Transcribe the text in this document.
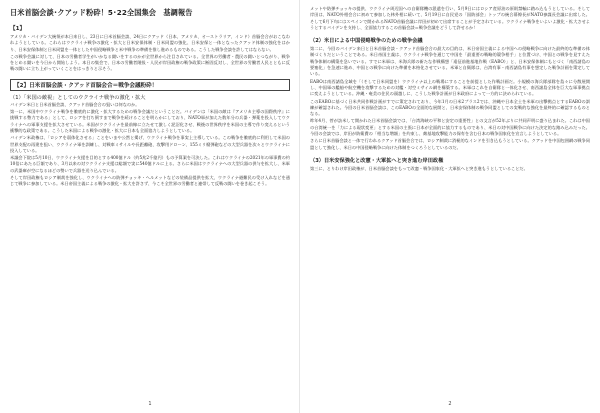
日米首脳会談･クアッド粉砕！5･22全国集会　基調報告
【1】

アメリカ・バイデン大統領が本日来日し、23日に日米首脳会談、24日にクアッド（日本、アメリカ、オーストラリア、インド）首脳会合がおこなわれようとしている。これらはウクライナ戦争の激化・拡大と日米安保体制・日米同盟の強化、日米安保と一体となったクアッド体制の強化をはかり、日米安保体制と日米同盟を一体とした中国侵略戦争と米中戦争の準備を推し進めるものである。こうした戦争会談を許してはならない。

この戦争会議に対して、日本の労働者学生がいかなる闘いをするのかが全世界から注目されている。全世界の労働者・農民の闘いとつながり、戦争をとめる闘いを今日から開始しよう。本日の集会で、日本の労働者階級・人民が岸田政権の戦争政策に断固反対し、全世界の労働者人民とともに反戦の闘いに立ち上がっていくことをはっきりと示そう。

【2】日米首脳会談・クアッド首脳会合＝戦争会議粉砕！
（1）「米国の敵視」としてのウクライナ戦争の激化・拡大

バイデン米日と日米首脳会談、クアッド首脳会合の狙いは何なのか。

第一に、米国中ウクライナ戦争を徹底的に激化・拡大するための戦争会議だということだ。バイデンは「米国の敵は『アメリカ主導の国際秩序』に挑戦する勢力である」として、ロシアを打ち倒すまで戦争を続けることを明らかにしており、NATO軍が加えた数年分の兵器・弾薬を投入してウクライナへの軍事支援を拡大させている。米国がウクライナを最前線に立たせて激しく泥沼化させ、戦後の世界秩序を米国の主導で作り変えるという衝撃的な政策である。こうした米国による戦争の激化・拡大に日本も全面協力しようとしている。

バイデン米政権は、「ロシアを弱体化させる」ことをいまや公然と掲げ、ウクライナ戦争を事実上主導している。この戦争を徹底的に利用して米国の世界支配の再建を狙い、ウクライナ軍を訓練し、対戦車ミサイルや長距離砲、攻撃用ドローン、155ミリ榴弾砲などの大型兵器を次々とウクライナに投入している。

米議会下院は5月10日、ウクライナ支援を目的とする400億ドル（約5兆2千億円）もの予算案を可決した。これはウクライナの2021年の軍事費の約10倍にあたる巨額であり、3月以来の対ウクライナ支援は総額で実に540億ドルに上る。さらに米国はウクライナへの大型兵器の供与を拡大し、米軍の武器庫が空になるほどの勢いで兵器を送り込んでいる。

そして岸田政権もロシア制裁を強化し、ウクライナへの防弾チョッキ・ヘルメットなどの装備品提供を拡大、ウクライナ避難民の受け入れなどを通じて戦争に参加している。米日帝国主義による戦争の激化・拡大を許さず、今こそ全世界の労働者と連帯して反戦の闘いを巻き起こそう。

1

メットや防弾チョッキの提供、ウクライナ周辺国への自衛隊機の派遣を行い、5月9日にはロシア産原油の原則禁輸に踏み込もうとしている。そして岸田は、NATO外相会合に初めて参加した林外相に続いて、5月19日に自民党の「国防部会」トップの統合幕僚長がNATO参謀長会議に出席した。そして6月下旬にはスペインで開かれるNATO首脳会議に岸田が初めて出席することが予定されている。ウクライナ戦争をいよいよ激化・拡大させようとするバイデンを支持し、全面協力するこの首脳会談＝戦争会議をどうして許せるか！

（2）米日による中国侵略戦争のための戦争会議

第二に、今回のバイデン来日と日米首脳会談・クアッド首脳会合の最大の目的は、米日帝国主義による中国への侵略戦争に向けた最終的な準備の体制づくりだということである。米日帝国主義は、ウクライナ戦争を通じて中国を「最重要の戦略的競争相手」と位置づけ、中国との戦争を見すえた戦争体制の構築を急いでいる。すでに米軍は、米海兵隊の新たな作戦構想「遠征前進基地作戦（EABO）」と、日米安保体制にもとづく「南西諸島の要塞化」を急速に進め、中国との戦争に向けた準備を本格化させている。米軍と自衛隊は、台湾有事・南西諸島有事を想定した戦争計画を策定している。

EABOは南西諸島全域を「（そして日米同盟を）ウクライナ以上の戦場にすることを前提とした作戦計画だ。小規模の海兵隊部隊を島々に分散展開し、中国軍の艦船や航空機を攻撃するための対艦・対空ミサイル網を構築する。米軍はこれを自衛隊と一体化させ、南西諸島全体を巨大な軍事拠点に変えようとしている。沖縄・奄美の住民の頭越しに、こうした戦争計画が日米政府によって一方的に決められている。

このEABOに基づく日米共同作戦計画がすでに策定されており、今年1月の日米2プラス2では、沖縄や日本全土を米軍の出撃拠点とするEABOの訓練が確認された。今回の日米首脳会談は、このEABOの全面的な展開と、日米安保体制の戦争同盟としての実戦的な強化を最終的に確認するものとなる。

昨年4月、菅が訪米して開かれた日米首脳会談では、「台湾海峡の平和と安定の重要性」との文言が52年ぶりに共同声明に盛り込まれた。これは中国の台湾統一を「力による現状変更」とする米国の主張に日本が全面的に協力するものであり、米日の対中国戦争に向けた決定的な踏み込みだった。今回の会談では、岸田が防衛費の「相当な増額」を約束し、敵基地攻撃能力の保有を含む日本の戦争国家化を宣言しようとしている。

さらに日米首脳会談と一体で行われるクアッド首脳会合では、ロシア制裁に消極的なインドを引き込もうとしている。クアッドを中国包囲網の戦争同盟として強化し、米日の中国侵略戦争に向けた体制をつくろうとしているのだ。

（3）日米安保強化と改憲・大軍拡へと突き進む岸田政権

第三に、とりわけ岸田政権が、日米首脳会談をもって改憲・戦争国家化・大軍拡へと突き進もうとしていることだ。

2
